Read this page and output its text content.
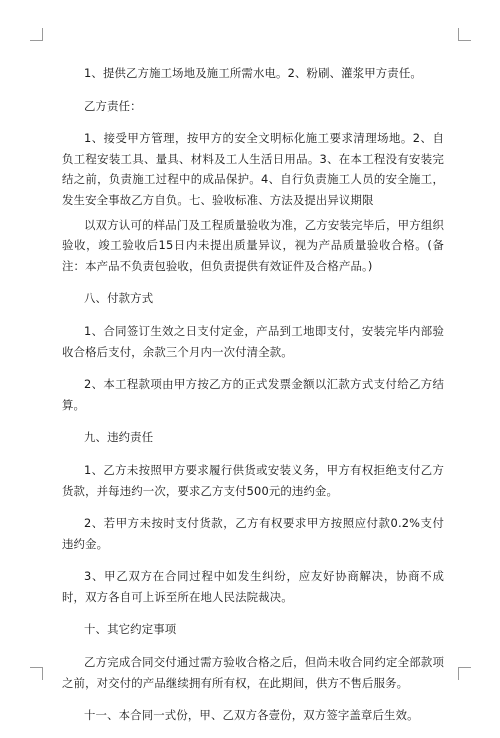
1、提供乙方施工场地及施工所需水电。2、粉刷、灌浆甲方责任。

乙方责任：

1、接受甲方管理，按甲方的安全文明标化施工要求清理场地。2、自负工程安装工具、量具、材料及工人生活日用品。3、在本工程没有安装完结之前，负责施工过程中的成品保护。4、自行负责施工人员的安全施工，发生安全事故乙方自负。七、验收标准、方法及提出异议期限

以双方认可的样品门及工程质量验收为准，乙方安装完毕后，甲方组织验收，竣工验收后15日内未提出质量异议，视为产品质量验收合格。(备注：本产品不负责包验收，但负责提供有效证件及合格产品。)

八、付款方式

1、合同签订生效之日支付定金，产品到工地即支付，安装完毕内部验收合格后支付，余款三个月内一次付清全款。

2、本工程款项由甲方按乙方的正式发票金额以汇款方式支付给乙方结算。

九、违约责任

1、乙方未按照甲方要求履行供货或安装义务，甲方有权拒绝支付乙方货款，并每违约一次，要求乙方支付500元的违约金。

2、若甲方未按时支付货款，乙方有权要求甲方按照应付款0.2%支付违约金。

3、甲乙双方在合同过程中如发生纠纷，应友好协商解决，协商不成时，双方各自可上诉至所在地人民法院裁决。

十、其它约定事项

乙方完成合同交付通过需方验收合格之后，但尚未收合同约定全部款项之前，对交付的产品继续拥有所有权，在此期间，供方不售后服务。

十一、本合同一式份，甲、乙双方各壹份，双方签字盖章后生效。
